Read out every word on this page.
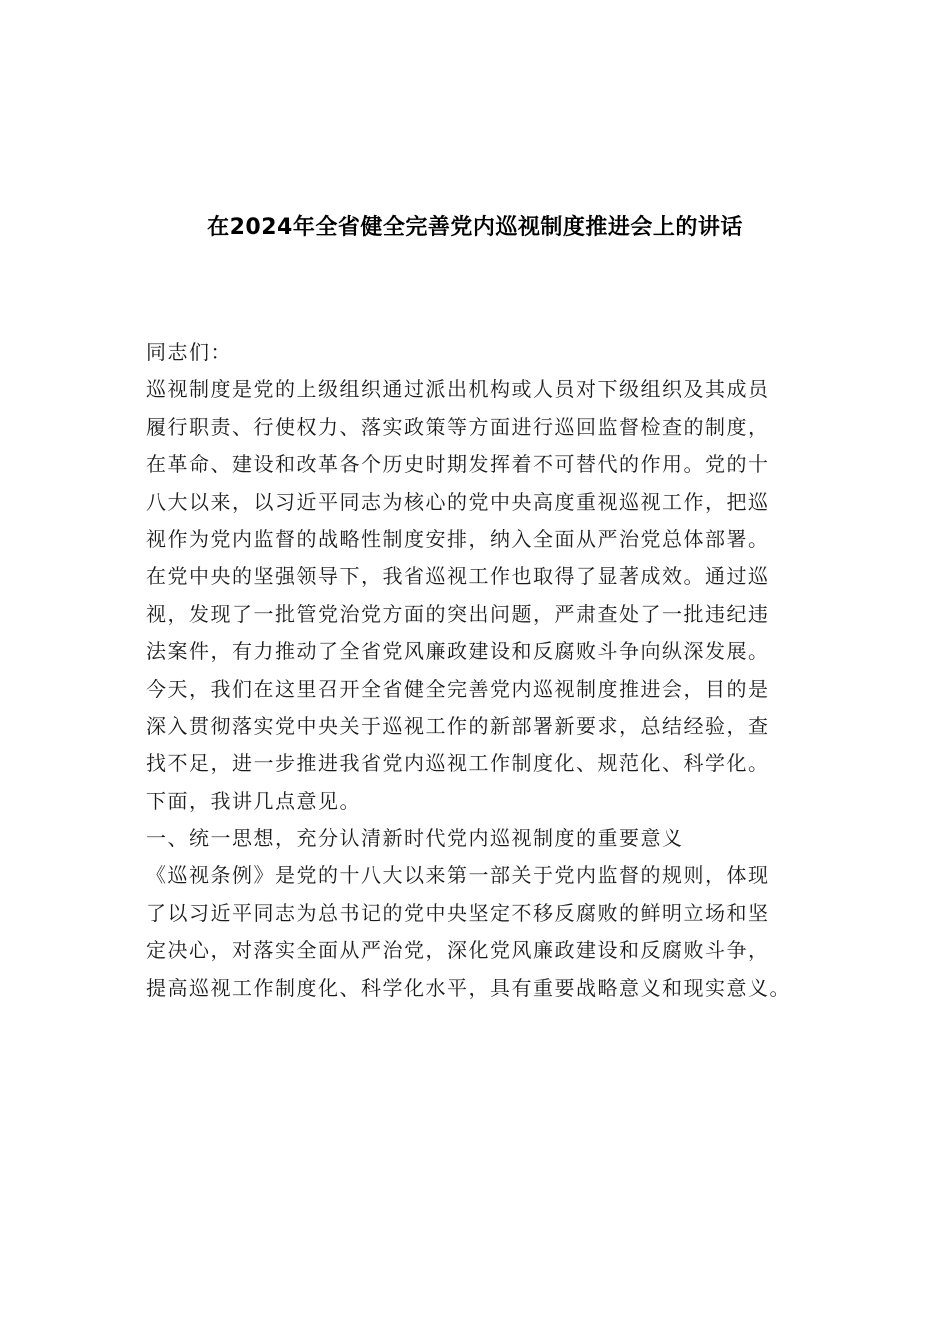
在2024年全省健全完善党内巡视制度推进会上的讲话
同志们：
巡视制度是党的上级组织通过派出机构或人员对下级组织及其成员
履行职责、行使权力、落实政策等方面进行巡回监督检查的制度，
在革命、建设和改革各个历史时期发挥着不可替代的作用。党的十
八大以来，以习近平同志为核心的党中央高度重视巡视工作，把巡
视作为党内监督的战略性制度安排，纳入全面从严治党总体部署。
在党中央的坚强领导下，我省巡视工作也取得了显著成效。通过巡
视，发现了一批管党治党方面的突出问题，严肃查处了一批违纪违
法案件，有力推动了全省党风廉政建设和反腐败斗争向纵深发展。
今天，我们在这里召开全省健全完善党内巡视制度推进会，目的是
深入贯彻落实党中央关于巡视工作的新部署新要求，总结经验，查
找不足，进一步推进我省党内巡视工作制度化、规范化、科学化。
下面，我讲几点意见。
一、统一思想，充分认清新时代党内巡视制度的重要意义
《巡视条例》是党的十八大以来第一部关于党内监督的规则，体现
了以习近平同志为总书记的党中央坚定不移反腐败的鲜明立场和坚
定决心，对落实全面从严治党，深化党风廉政建设和反腐败斗争，
提高巡视工作制度化、科学化水平，具有重要战略意义和现实意义。
